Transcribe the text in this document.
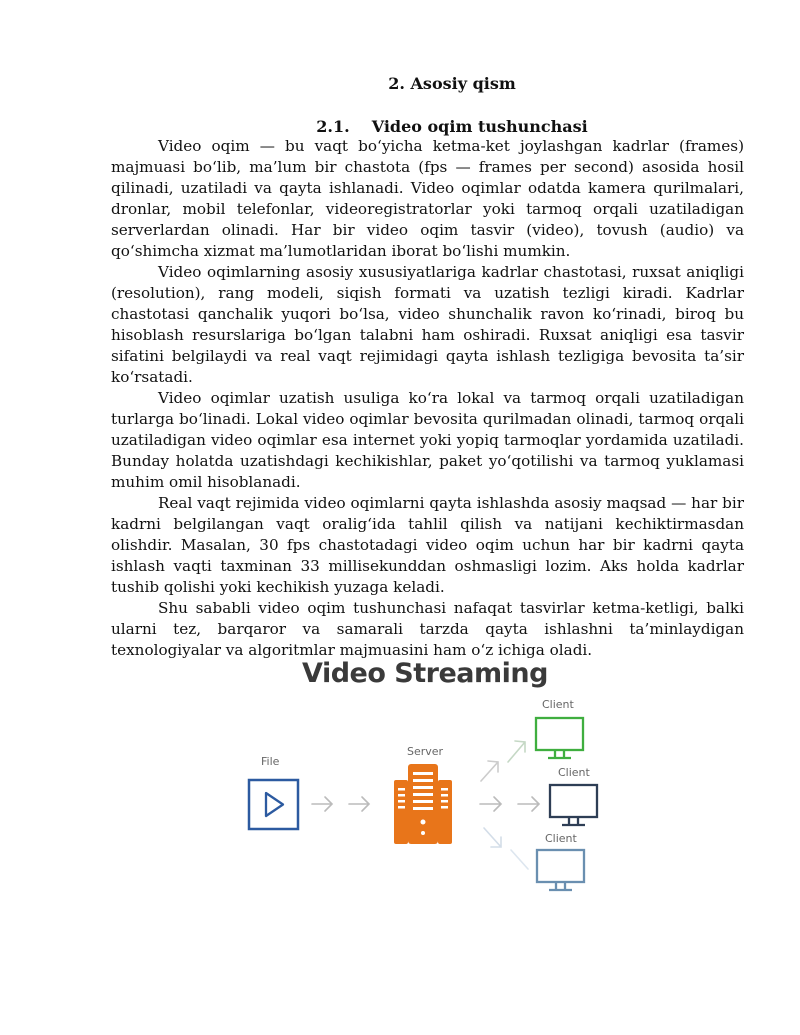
2. Asosiy qism
2.1. Video oqim tushunchasi

Video oqim — bu vaqt bo‘yicha ketma-ket joylashgan kadrlar (frames) majmuasi bo‘lib, ma’lum bir chastota (fps — frames per second) asosida hosil qilinadi, uzatiladi va qayta ishlanadi. Video oqimlar odatda kamera qurilmalari, dronlar, mobil telefonlar, videoregistratorlar yoki tarmoq orqali uzatiladigan serverlardan olinadi. Har bir video oqim tasvir (video), tovush (audio) va qo‘shimcha xizmat ma’lumotlaridan iborat bo‘lishi mumkin.

Video oqimlarning asosiy xususiyatlariga kadrlar chastotasi, ruxsat aniqligi (resolution), rang modeli, siqish formati va uzatish tezligi kiradi. Kadrlar chastotasi qanchalik yuqori bo‘lsa, video shunchalik ravon ko‘rinadi, biroq bu hisoblash resurslariga bo‘lgan talabni ham oshiradi. Ruxsat aniqligi esa tasvir sifatini belgilaydi va real vaqt rejimidagi qayta ishlash tezligiga bevosita ta’sir ko‘rsatadi.

Video oqimlar uzatish usuliga ko‘ra lokal va tarmoq orqali uzatiladigan turlarga bo‘linadi. Lokal video oqimlar bevosita qurilmadan olinadi, tarmoq orqali uzatiladigan video oqimlar esa internet yoki yopiq tarmoqlar yordamida uzatiladi. Bunday holatda uzatishdagi kechikishlar, paket yo‘qotilishi va tarmoq yuklamasi muhim omil hisoblanadi.

Real vaqt rejimida video oqimlarni qayta ishlashda asosiy maqsad — har bir kadrni belgilangan vaqt oralig‘ida tahlil qilish va natijani kechiktirmasdan olishdir. Masalan, 30 fps chastotadagi video oqim uchun har bir kadrni qayta ishlash vaqti taxminan 33 millisekunddan oshmasligi lozim. Aks holda kadrlar tushib qolishi yoki kechikish yuzaga keladi.

Shu sababli video oqim tushunchasi nafaqat tasvirlar ketma-ketligi, balki ularni tez, barqaror va samarali tarzda qayta ishlashni ta’minlaydigan texnologiyalar va algoritmlar majmuasini ham o‘z ichiga oladi.

Video Streaming
File
Server
Client
Client
Client
